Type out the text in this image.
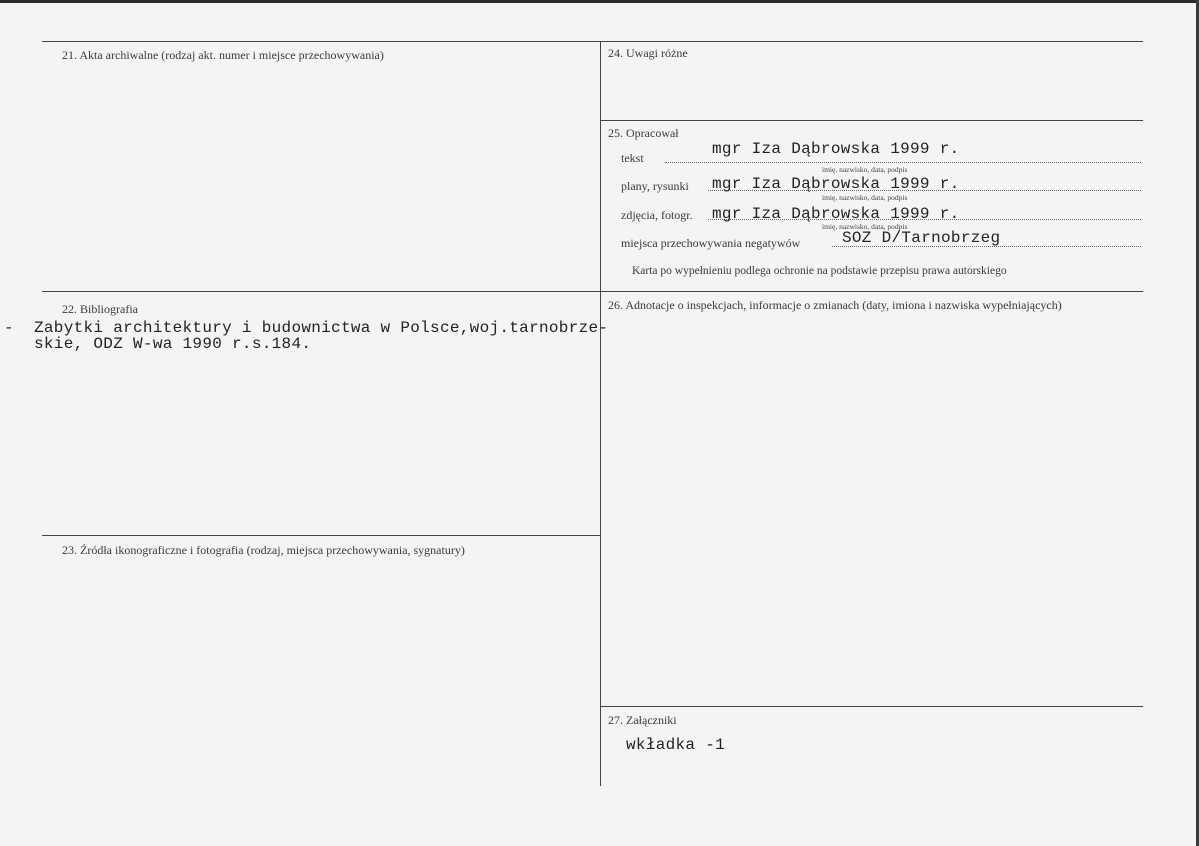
21. Akta archiwalne (rodzaj akt. numer i miejsce przechowywania)	24. Uwagi różne
25. Opracował
tekst	mgr Iza Dąbrowska 1999 r.
imię, nazwisko, data, podpis
plany, rysunki mgr Iza Dąbrowska 1999 r.
imię, nazwisko, data, podpis
zdjęcia, fotogr. mgr Iza Dąbrowska 1999 r.
imię, nazwisko, data, podpis
miejsca przechowywania negatywów	SOZ D/Tarnobrzeg
Karta po wypełnieniu podlega ochronie na podstawie przepisu prawa autorskiego
22. Bibliografia
- Zabytki architektury i budownictwa w Polsce,woj.tarnobrze-
skie, ODZ W-wa 1990 r.s.184.
26. Adnotacje o inspekcjach, informacje o zmianach (daty, imiona i nazwiska wypełniających)
23. Źródła ikonograficzne i fotografia (rodzaj, miejsca przechowywania, sygnatury)
27. Załączniki
wkładka -1
